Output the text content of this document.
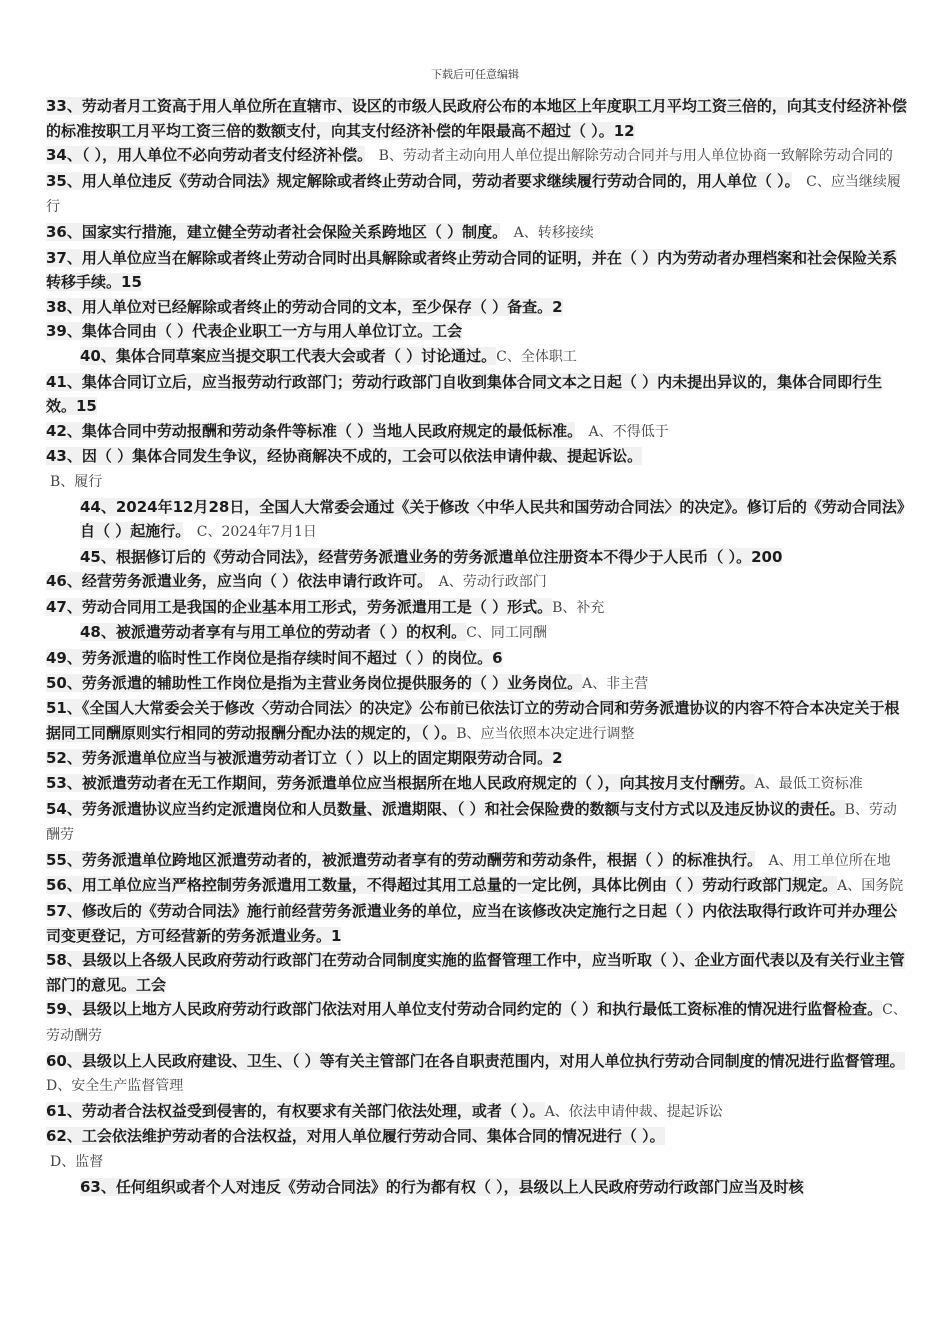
下载后可任意编辑

33、劳动者月工资高于用人单位所在直辖市、设区的市级人民政府公布的本地区上年度职工月平均工资三倍的，向其支付经济补偿的标准按职工月平均工资三倍的数额支付，向其支付经济补偿的年限最高不超过（ ）。12

34、（ ），用人单位不必向劳动者支付经济补偿。　B、劳动者主动向用人单位提出解除劳动合同并与用人单位协商一致解除劳动合同的

35、用人单位违反《劳动合同法》规定解除或者终止劳动合同，劳动者要求继续履行劳动合同的，用人单位（ ）。　C、应当继续履行

36、国家实行措施，建立健全劳动者社会保险关系跨地区（ ）制度。　A、转移接续

37、用人单位应当在解除或者终止劳动合同时出具解除或者终止劳动合同的证明，并在（ ）内为劳动者办理档案和社会保险关系转移手续。15

38、用人单位对已经解除或者终止的劳动合同的文本，至少保存（ ）备查。2

39、集体合同由（ ）代表企业职工一方与用人单位订立。工会

40、集体合同草案应当提交职工代表大会或者（ ）讨论通过。C、全体职工

41、集体合同订立后，应当报劳动行政部门；劳动行政部门自收到集体合同文本之日起（ ）内未提出异议的，集体合同即行生效。15

42、集体合同中劳动报酬和劳动条件等标准（ ）当地人民政府规定的最低标准。　A、不得低于

43、因（ ）集体合同发生争议，经协商解决不成的，工会可以依法申请仲裁、提起诉讼。

B、履行

44、2024年12月28日，全国人大常委会通过《关于修改〈中华人民共和国劳动合同法〉的决定》。修订后的《劳动合同法》自（ ）起施行。　C、2024年7月1日

45、根据修订后的《劳动合同法》，经营劳务派遣业务的劳务派遣单位注册资本不得少于人民币（ ）。200

46、经营劳务派遣业务，应当向（ ）依法申请行政许可。　A、劳动行政部门

47、劳动合同用工是我国的企业基本用工形式，劳务派遣用工是（ ）形式。B、补充

48、被派遣劳动者享有与用工单位的劳动者（ ）的权利。C、同工同酬

49、劳务派遣的临时性工作岗位是指存续时间不超过（ ）的岗位。6

50、劳务派遣的辅助性工作岗位是指为主营业务岗位提供服务的（ ）业务岗位。A、非主营

51、《全国人大常委会关于修改〈劳动合同法〉的决定》公布前已依法订立的劳动合同和劳务派遣协议的内容不符合本决定关于根据同工同酬原则实行相同的劳动报酬分配办法的规定的，（ ）。B、应当依照本决定进行调整

52、劳务派遣单位应当与被派遣劳动者订立（ ）以上的固定期限劳动合同。2

53、被派遣劳动者在无工作期间，劳务派遣单位应当根据所在地人民政府规定的（ ），向其按月支付酬劳。A、最低工资标准

54、劳务派遣协议应当约定派遣岗位和人员数量、派遣期限、（ ）和社会保险费的数额与支付方式以及违反协议的责任。B、劳动酬劳

55、劳务派遣单位跨地区派遣劳动者的，被派遣劳动者享有的劳动酬劳和劳动条件，根据（ ）的标准执行。　A、用工单位所在地

56、用工单位应当严格控制劳务派遣用工数量，不得超过其用工总量的一定比例，具体比例由（ ）劳动行政部门规定。A、国务院

57、修改后的《劳动合同法》施行前经营劳务派遣业务的单位，应当在该修改决定施行之日起（ ）内依法取得行政许可并办理公司变更登记，方可经营新的劳务派遣业务。1

58、县级以上各级人民政府劳动行政部门在劳动合同制度实施的监督管理工作中，应当听取（ ）、企业方面代表以及有关行业主管部门的意见。工会

59、县级以上地方人民政府劳动行政部门依法对用人单位支付劳动合同约定的（ ）和执行最低工资标准的情况进行监督检查。C、劳动酬劳

60、县级以上人民政府建设、卫生、（ ）等有关主管部门在各自职责范围内，对用人单位执行劳动合同制度的情况进行监督管理。D、安全生产监督管理

61、劳动者合法权益受到侵害的，有权要求有关部门依法处理，或者（ ）。A、依法申请仲裁、提起诉讼

62、工会依法维护劳动者的合法权益，对用人单位履行劳动合同、集体合同的情况进行（ ）。

D、监督

63、任何组织或者个人对违反《劳动合同法》的行为都有权（ ），县级以上人民政府劳动行政部门应当及时核
